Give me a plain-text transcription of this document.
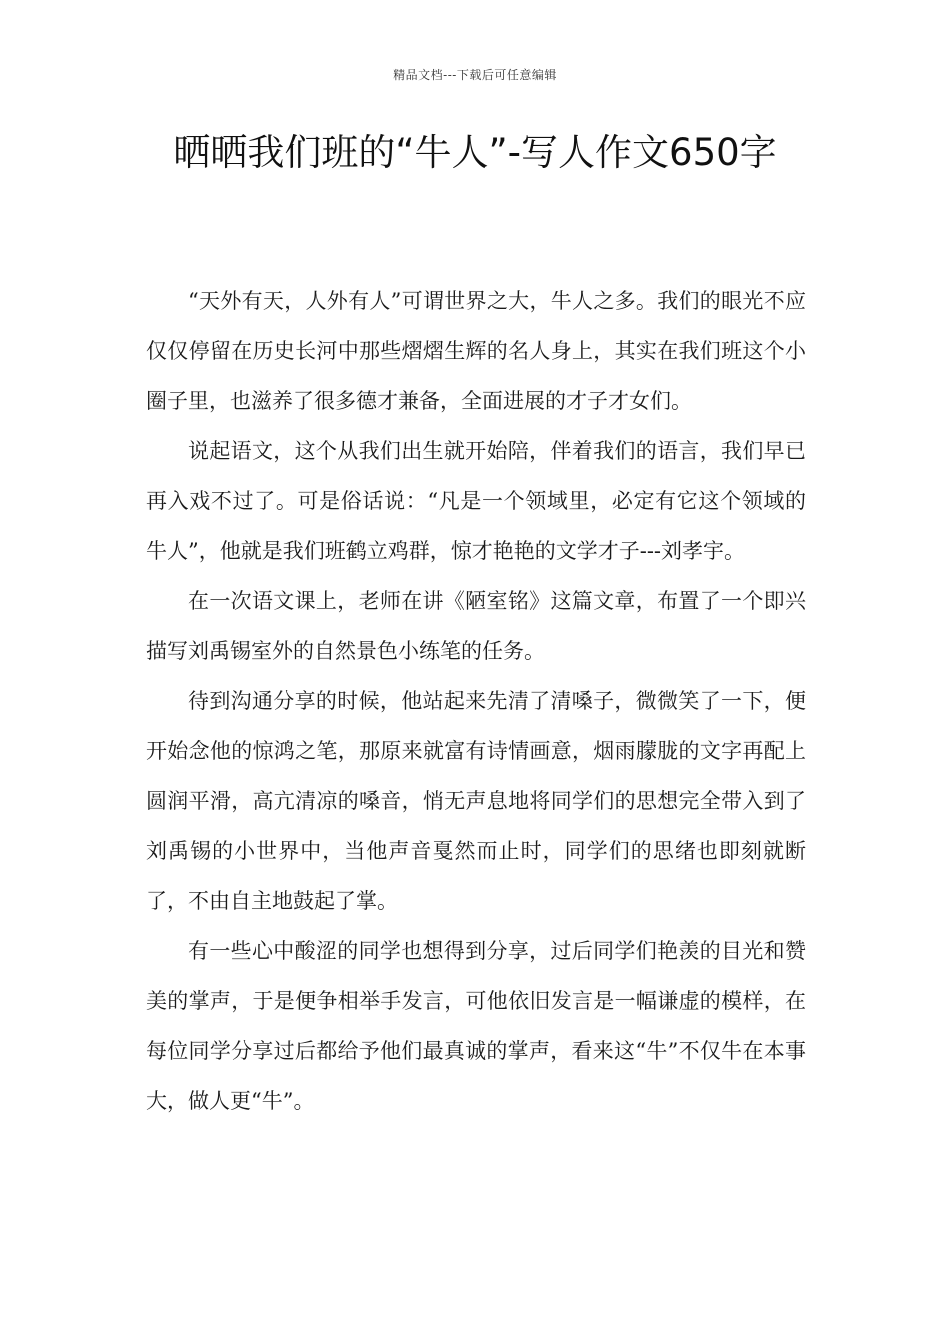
精品文档---下载后可任意编辑
晒晒我们班的“牛人”-写人作文650字

“天外有天，人外有人”可谓世界之大，牛人之多。我们的眼光不应仅仅停留在历史长河中那些熠熠生辉的名人身上，其实在我们班这个小圈子里，也滋养了很多德才兼备，全面进展的才子才女们。

说起语文，这个从我们出生就开始陪，伴着我们的语言，我们早已再入戏不过了。可是俗话说：“凡是一个领域里，必定有它这个领域的牛人”，他就是我们班鹤立鸡群，惊才艳艳的文学才子---刘孝宇。

在一次语文课上，老师在讲《陋室铭》这篇文章，布置了一个即兴描写刘禹锡室外的自然景色小练笔的任务。

待到沟通分享的时候，他站起来先清了清嗓子，微微笑了一下，便开始念他的惊鸿之笔，那原来就富有诗情画意，烟雨朦胧的文字再配上圆润平滑，高亢清凉的嗓音，悄无声息地将同学们的思想完全带入到了刘禹锡的小世界中，当他声音戛然而止时，同学们的思绪也即刻就断了，不由自主地鼓起了掌。

有一些心中酸涩的同学也想得到分享，过后同学们艳羡的目光和赞美的掌声，于是便争相举手发言，可他依旧发言是一幅谦虚的模样，在每位同学分享过后都给予他们最真诚的掌声，看来这“牛”不仅牛在本事大，做人更“牛”。
